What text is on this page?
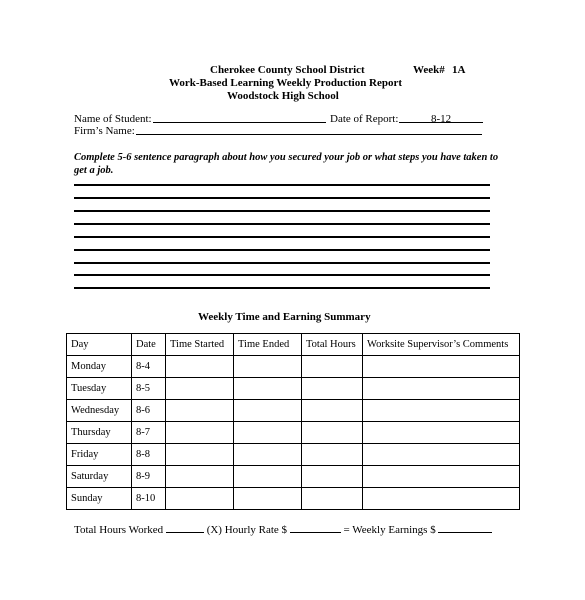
Cherokee County School District	Week# 1A
Work-Based Learning Weekly Production Report
Woodstock High School
Name of Student:	Date of Report:	8-12
Firm’s Name:
Complete 5-6 sentence paragraph about how you secured your job or what steps you have taken to get a job.
Weekly Time and Earning Summary
Day	Date	Time Started	Time Ended	Total Hours	Worksite Supervisor’s Comments
Monday	8-4				
Tuesday	8-5				
Wednesday	8-6				
Thursday	8-7				
Friday	8-8				
Saturday	8-9				
Sunday	8-10				
Total Hours Worked	(X) Hourly Rate $	= Weekly Earnings $
